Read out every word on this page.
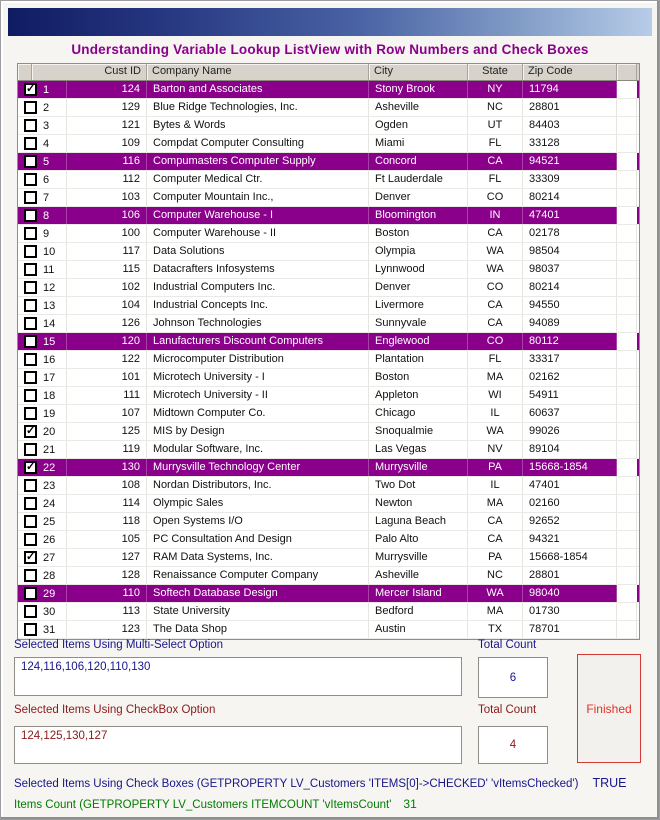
Understanding Variable Lookup ListView with Row Numbers and Check Boxes
Cust ID	Company Name	City	State	Zip Code
✓ 1	124	Barton and Associates	Stony Brook	NY	11794
2	129	Blue Ridge Technologies, Inc.	Asheville	NC	28801
3	121	Bytes & Words	Ogden	UT	84403
4	109	Compdat Computer Consulting	Miami	FL	33128
5	116	Compumasters Computer Supply	Concord	CA	94521
6	112	Computer Medical Ctr.	Ft Lauderdale	FL	33309
7	103	Computer Mountain Inc.,	Denver	CO	80214
8	106	Computer Warehouse - I	Bloomington	IN	47401
9	100	Computer Warehouse - II	Boston	CA	02178
10	117	Data Solutions	Olympia	WA	98504
11	115	Datacrafters Infosystems	Lynnwood	WA	98037
12	102	Industrial Computers Inc.	Denver	CO	80214
13	104	Industrial Concepts Inc.	Livermore	CA	94550
14	126	Johnson Technologies	Sunnyvale	CA	94089
15	120	Lanufacturers Discount Computers	Englewood	CO	80112
16	122	Microcomputer Distribution	Plantation	FL	33317
17	101	Microtech University - I	Boston	MA	02162
18	111	Microtech University - II	Appleton	WI	54911
19	107	Midtown Computer Co.	Chicago	IL	60637
✓ 20	125	MIS by Design	Snoqualmie	WA	99026
21	119	Modular Software, Inc.	Las Vegas	NV	89104
✓ 22	130	Murrysville Technology Center	Murrysville	PA	15668-1854
23	108	Nordan Distributors, Inc.	Two Dot	IL	47401
24	114	Olympic Sales	Newton	MA	02160
25	118	Open Systems I/O	Laguna Beach	CA	92652
26	105	PC Consultation And Design	Palo Alto	CA	94321
✓ 27	127	RAM Data Systems, Inc.	Murrysville	PA	15668-1854
28	128	Renaissance Computer Company	Asheville	NC	28801
29	110	Softech Database Design	Mercer Island	WA	98040
30	113	State University	Bedford	MA	01730
31	123	The Data Shop	Austin	TX	78701
Selected Items Using Multi-Select Option	Total Count
124,116,106,120,110,130
6
Selected Items Using CheckBox Option	Total Count
124,125,130,127
4
Finished
Selected Items Using Check Boxes (GETPROPERTY LV_Customers 'ITEMS[0]->CHECKED' 'vItemsChecked') TRUE
Items Count (GETPROPERTY LV_Customers ITEMCOUNT 'vItemsCount' 31
